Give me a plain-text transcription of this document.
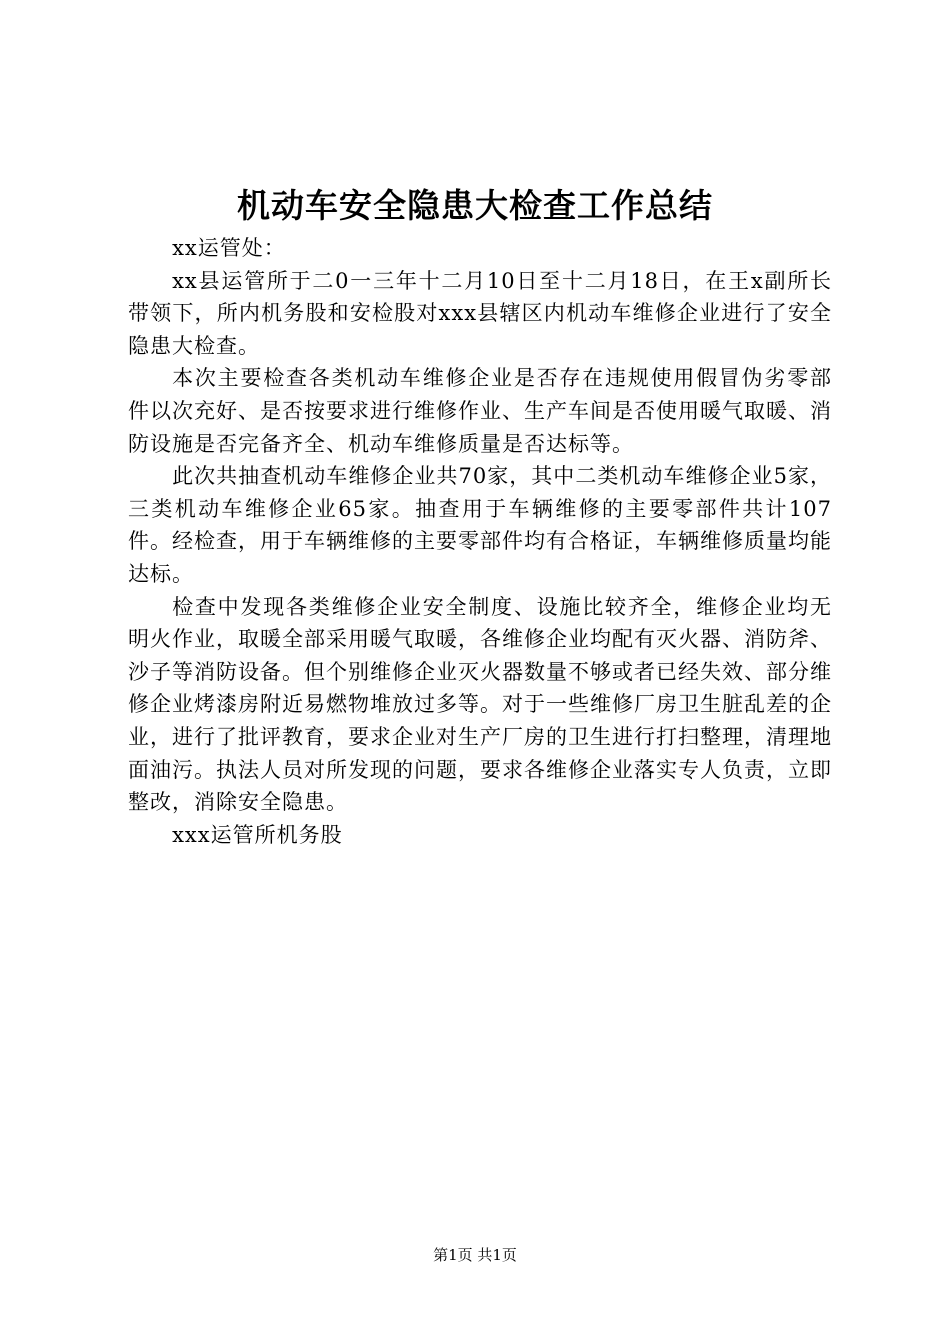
机动车安全隐患大检查工作总结

xx运管处：

xx县运管所于二0一三年十二月10日至十二月18日，在王x副所长带领下，所内机务股和安检股对xxx县辖区内机动车维修企业进行了安全隐患大检查。

本次主要检查各类机动车维修企业是否存在违规使用假冒伪劣零部件以次充好、是否按要求进行维修作业、生产车间是否使用暖气取暖、消防设施是否完备齐全、机动车维修质量是否达标等。

此次共抽查机动车维修企业共70家，其中二类机动车维修企业5家，三类机动车维修企业65家。抽查用于车辆维修的主要零部件共计107件。经检查，用于车辆维修的主要零部件均有合格证，车辆维修质量均能达标。

检查中发现各类维修企业安全制度、设施比较齐全，维修企业均无明火作业，取暖全部采用暖气取暖，各维修企业均配有灭火器、消防斧、沙子等消防设备。但个别维修企业灭火器数量不够或者已经失效、部分维修企业烤漆房附近易燃物堆放过多等。对于一些维修厂房卫生脏乱差的企业，进行了批评教育，要求企业对生产厂房的卫生进行打扫整理，清理地面油污。执法人员对所发现的问题，要求各维修企业落实专人负责，立即整改，消除安全隐患。

xxx运管所机务股

第1页 共1页
